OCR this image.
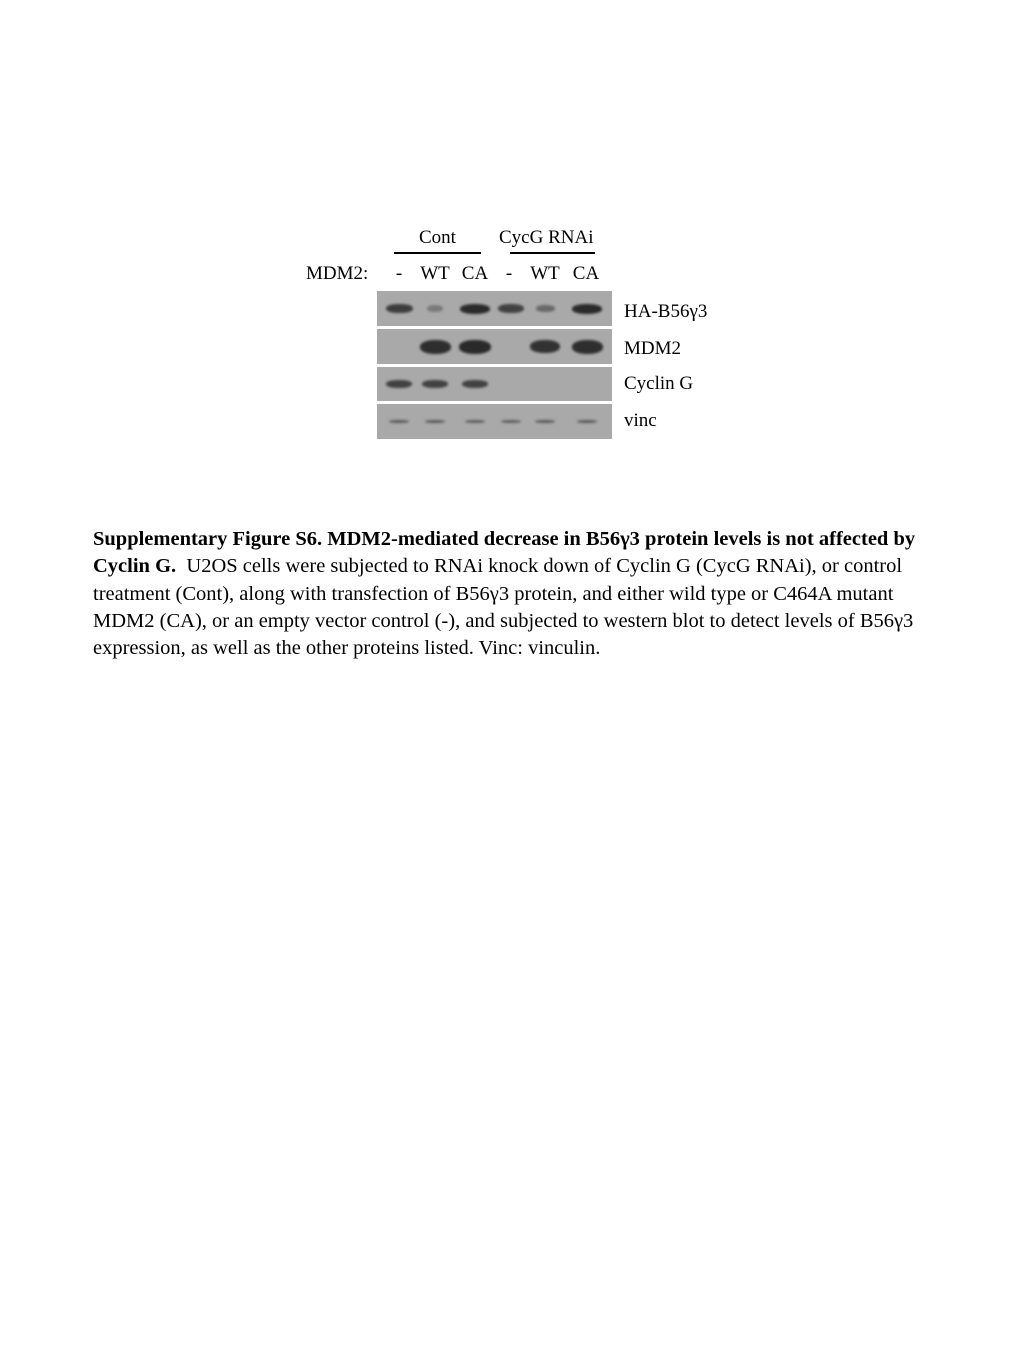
Cont CycG RNAi
MDM2:	- WT CA - WT CA
HA-B56γ3
MDM2
Cyclin G
vinc
Supplementary Figure S6. MDM2-mediated decrease in B56γ3 protein levels is not affected by Cyclin G. U2OS cells were subjected to RNAi knock down of Cyclin G (CycG RNAi), or control treatment (Cont), along with transfection of B56γ3 protein, and either wild type or C464A mutant MDM2 (CA), or an empty vector control (-), and subjected to western blot to detect levels of B56γ3 expression, as well as the other proteins listed. Vinc: vinculin.
